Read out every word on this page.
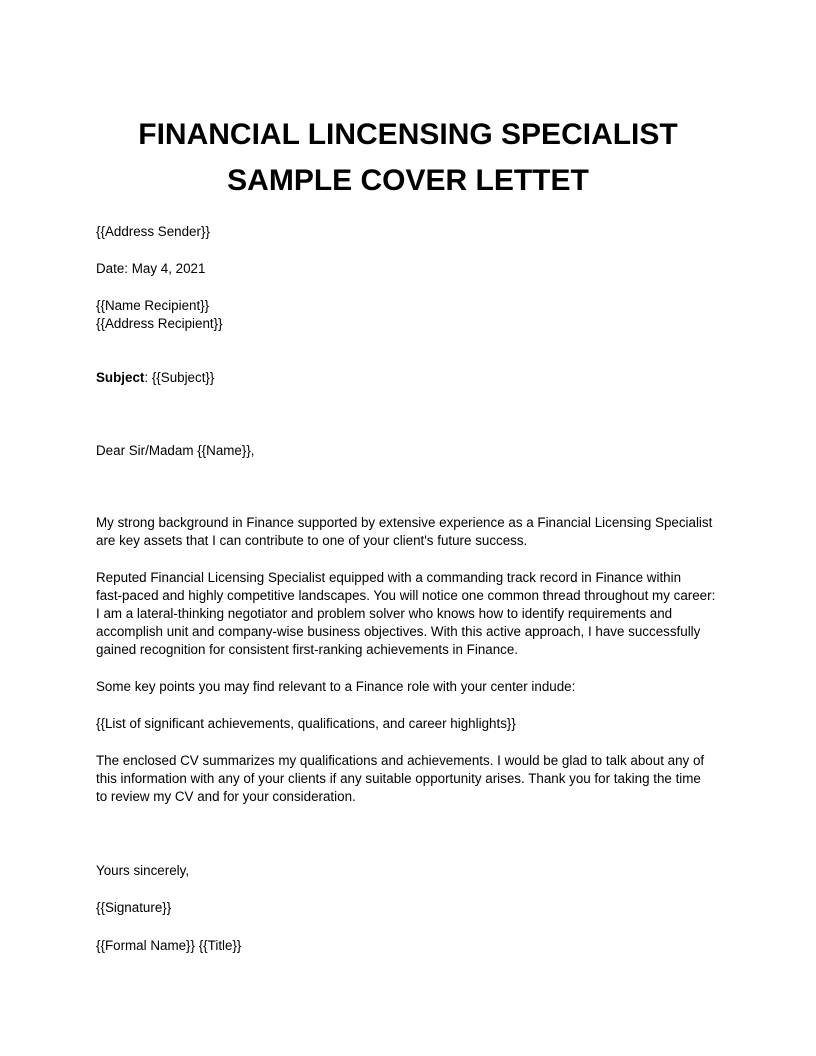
FINANCIAL LINCENSING SPECIALIST
SAMPLE COVER LETTET
{{Address Sender}}
Date: May 4, 2021
{{Name Recipient}}
{{Address Recipient}}
Subject: {{Subject}}
Dear Sir/Madam {{Name}},
My strong background in Finance supported by extensive experience as a Financial Licensing Specialist
are key assets that I can contribute to one of your client's future success.
Reputed Financial Licensing Specialist equipped with a commanding track record in Finance within
fast-paced and highly competitive landscapes. You will notice one common thread throughout my career:
I am a lateral-thinking negotiator and problem solver who knows how to identify requirements and
accomplish unit and company-wise business objectives. With this active approach, I have successfully
gained recognition for consistent first-ranking achievements in Finance.
Some key points you may find relevant to a Finance role with your center indude:
{{List of significant achievements, qualifications, and career highlights}}
The enclosed CV summarizes my qualifications and achievements. I would be glad to talk about any of
this information with any of your clients if any suitable opportunity arises. Thank you for taking the time
to review my CV and for your consideration.
Yours sincerely,
{{Signature}}
{{Formal Name}} {{Title}}
